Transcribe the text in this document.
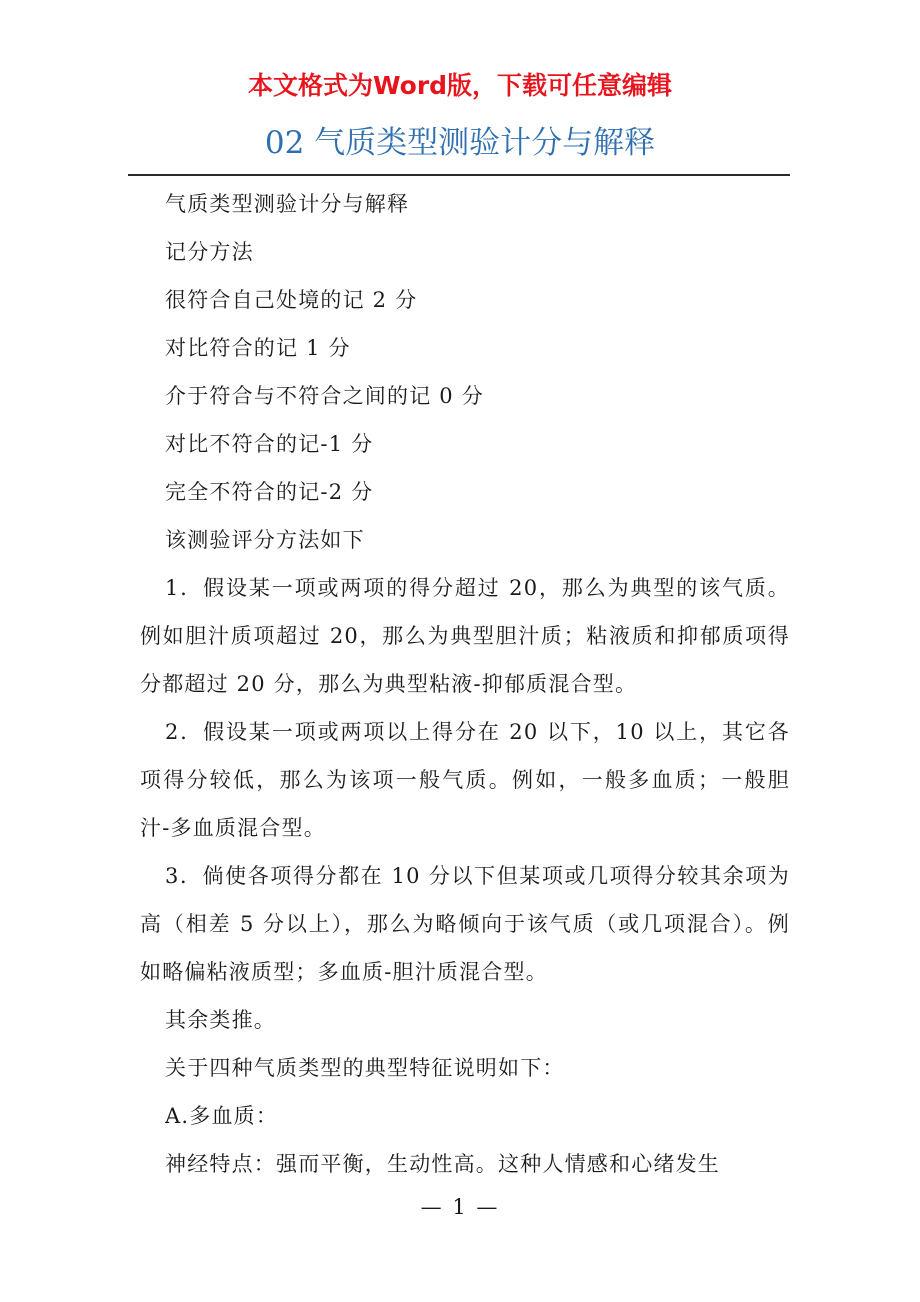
本文格式为Word版，下载可任意编辑
02 气质类型测验计分与解释
气质类型测验计分与解释
记分方法
很符合自己处境的记 2 分
对比符合的记 1 分
介于符合与不符合之间的记 0 分
对比不符合的记-1 分
完全不符合的记-2 分
该测验评分方法如下
1．假设某一项或两项的得分超过 20，那么为典型的该气质。例如胆汁质项超过 20，那么为典型胆汁质；粘液质和抑郁质项得分都超过 20 分，那么为典型粘液-抑郁质混合型。
2．假设某一项或两项以上得分在 20 以下，10 以上，其它各项得分较低，那么为该项一般气质。例如，一般多血质；一般胆汁-多血质混合型。
3．倘使各项得分都在 10 分以下但某项或几项得分较其余项为高（相差 5 分以上），那么为略倾向于该气质（或几项混合）。例如略偏粘液质型；多血质-胆汁质混合型。
其余类推。
关于四种气质类型的典型特征说明如下：
A.多血质：
神经特点：强而平衡，生动性高。这种人情感和心绪发生
— 1 —
